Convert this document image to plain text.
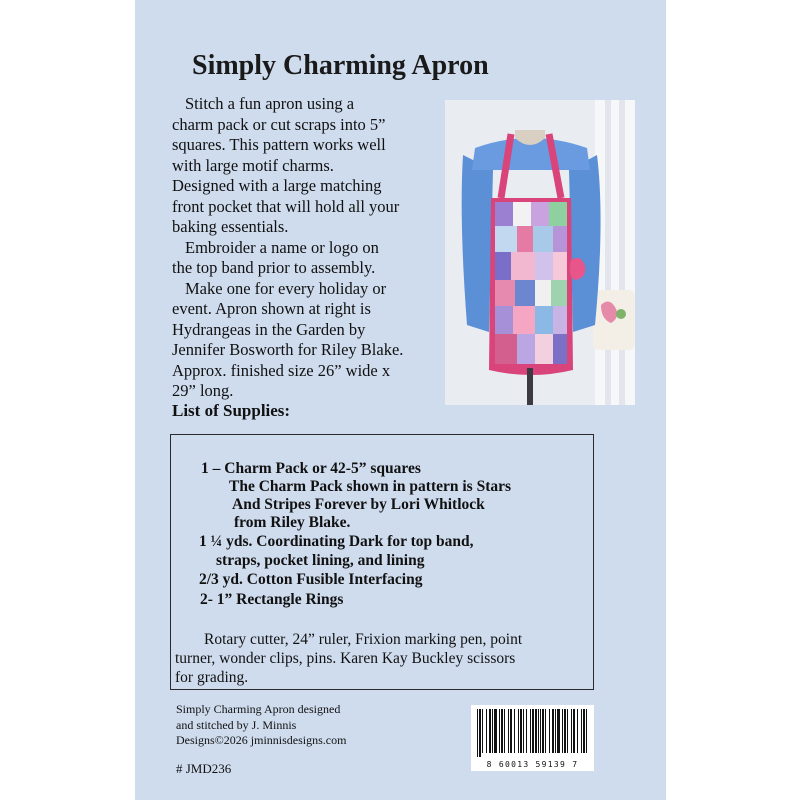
Simply Charming Apron

Stitch a fun apron using a

charm pack or cut scraps into 5”

squares. This pattern works well

with large motif charms.

Designed with a large matching

front pocket that will hold all your

baking essentials.

Embroider a name or logo on

the top band prior to assembly.

Make one for every holiday or

event. Apron shown at right is

Hydrangeas in the Garden by

Jennifer Bosworth for Riley Blake.

Approx. finished size 26” wide x

29” long.

List of Supplies:
1 – Charm Pack or 42-5” squares
The Charm Pack shown in pattern is Stars
And Stripes Forever by Lori Whitlock
from Riley Blake.
1 ¼ yds. Coordinating Dark for top band,
straps, pocket lining, and lining
2/3 yd. Cotton Fusible Interfacing
2- 1” Rectangle Rings
Rotary cutter, 24” ruler, Frixion marking pen, point
turner, wonder clips, pins. Karen Kay Buckley scissors
for grading.
Simply Charming Apron designed
and stitched by J. Minnis
Designs©2026 jminnisdesigns.com
# JMD236	8 60013 59139 7
